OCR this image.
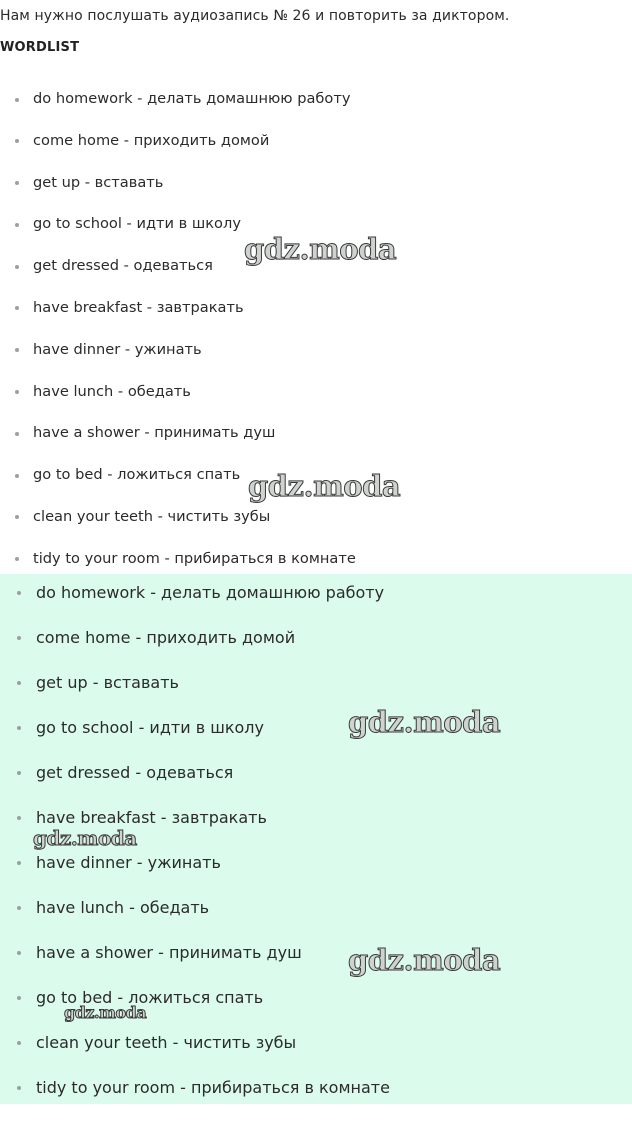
Нам нужно послушать аудиозапись № 26 и повторить за диктором.
WORDLIST
do homework - делать домашнюю работу
come home - приходить домой
get up - вставать
go to school - идти в школу
get dressed - одеваться
have breakfast - завтракать
have dinner - ужинать
have lunch - обедать
have a shower - принимать душ
go to bed - ложиться спать
clean your teeth - чистить зубы
tidy to your room - прибираться в комнате
do homework - делать домашнюю работу
come home - приходить домой
get up - вставать
go to school - идти в школу
get dressed - одеваться
have breakfast - завтракать
have dinner - ужинать
have lunch - обедать
have a shower - принимать душ
go to bed - ложиться спать
clean your teeth - чистить зубы
tidy to your room - прибираться в комнате
gdz.moda
gdz.moda
gdz.moda
gdz.moda
gdz.moda
gdz.moda
